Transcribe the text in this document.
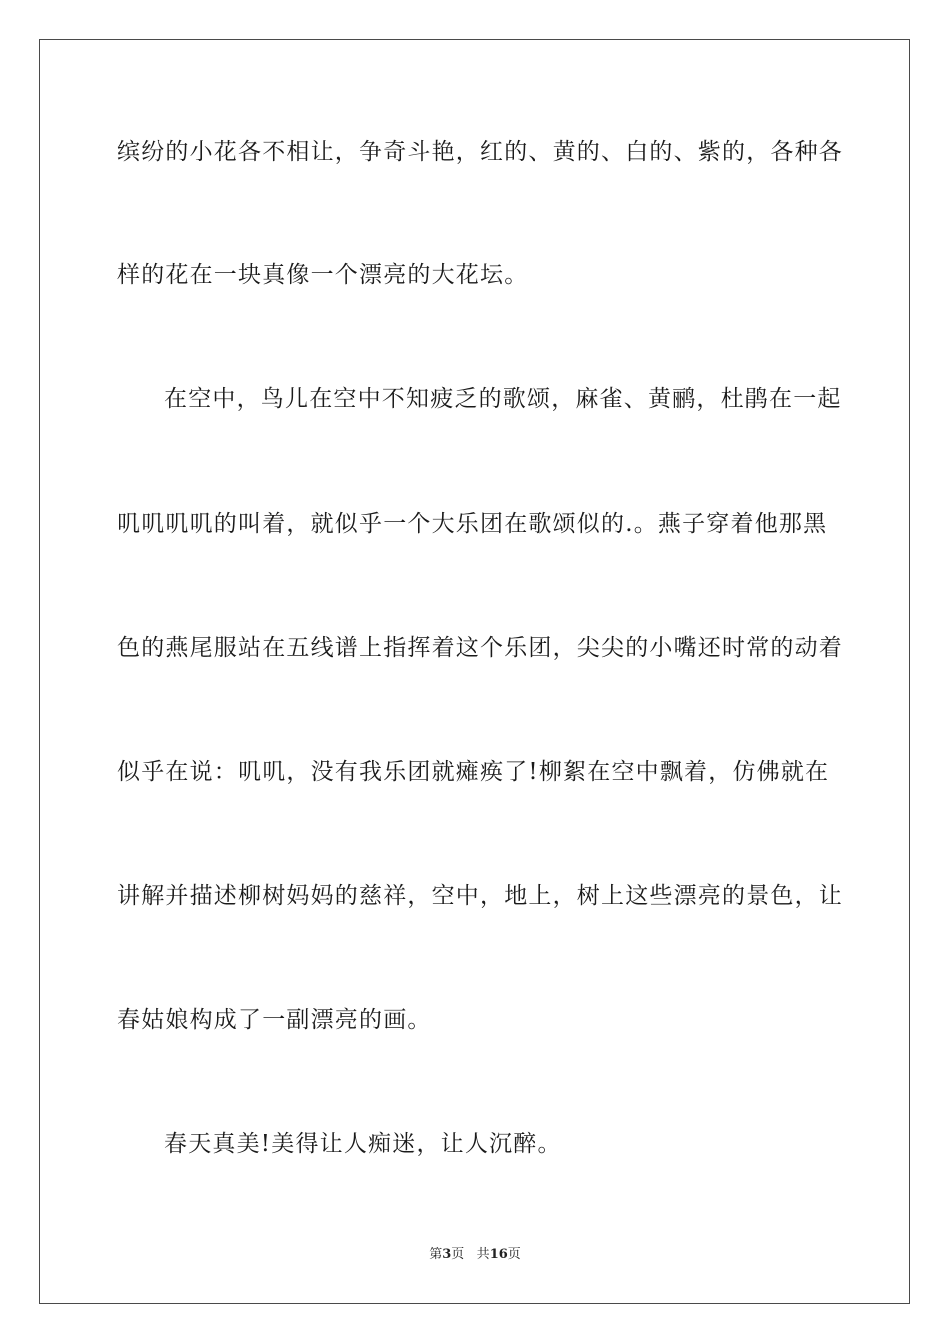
缤纷的小花各不相让，争奇斗艳，红的、黄的、白的、紫的，各种各
样的花在一块真像一个漂亮的大花坛。
在空中，鸟儿在空中不知疲乏的歌颂，麻雀、黄鹂，杜鹃在一起
叽叽叽叽的叫着，就似乎一个大乐团在歌颂似的.。燕子穿着他那黑
色的燕尾服站在五线谱上指挥着这个乐团，尖尖的小嘴还时常的动着
似乎在说：叽叽，没有我乐团就瘫痪了!柳絮在空中飘着，仿佛就在
讲解并描述柳树妈妈的慈祥，空中，地上，树上这些漂亮的景色，让
春姑娘构成了一副漂亮的画。
春天真美!美得让人痴迷，让人沉醉。
第3页 共16页
